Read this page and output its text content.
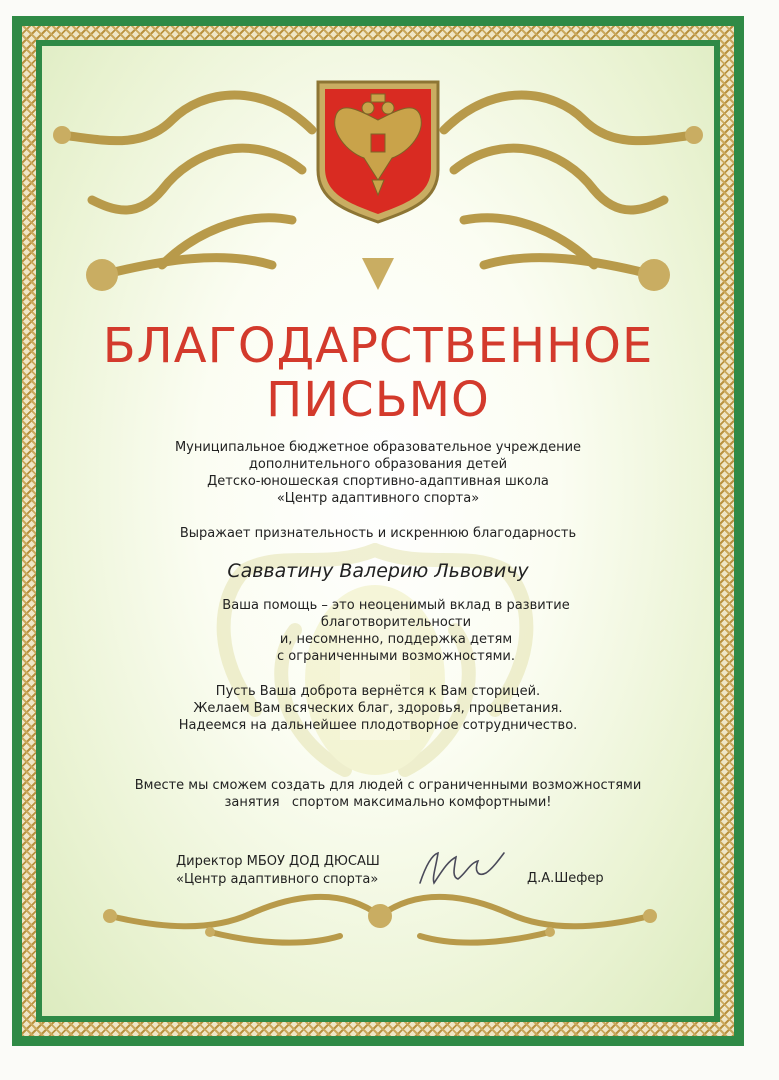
БЛАГОДАРСТВЕННОЕ
ПИСЬМО
Муниципальное бюджетное образовательное учреждение
дополнительного образования детей
Детско-юношеская спортивно-адаптивная школа
«Центр адаптивного спорта»
Выражает признательность и искреннюю благодарность
Савватину Валерию Львовичу
Ваша помощь – это неоценимый вклад в развитие
благотворительности
и, несомненно, поддержка детям
с ограниченными возможностями.
Пусть Ваша доброта вернётся к Вам сторицей.
Желаем Вам всяческих благ, здоровья, процветания.
Надеемся на дальнейшее плодотворное сотрудничество.
Вместе мы сможем создать для людей с ограниченными возможностями
занятия   спортом максимально комфортными!
Директор МБОУ ДОД ДЮСАШ
«Центр адаптивного спорта»	Д.А.Шефер
